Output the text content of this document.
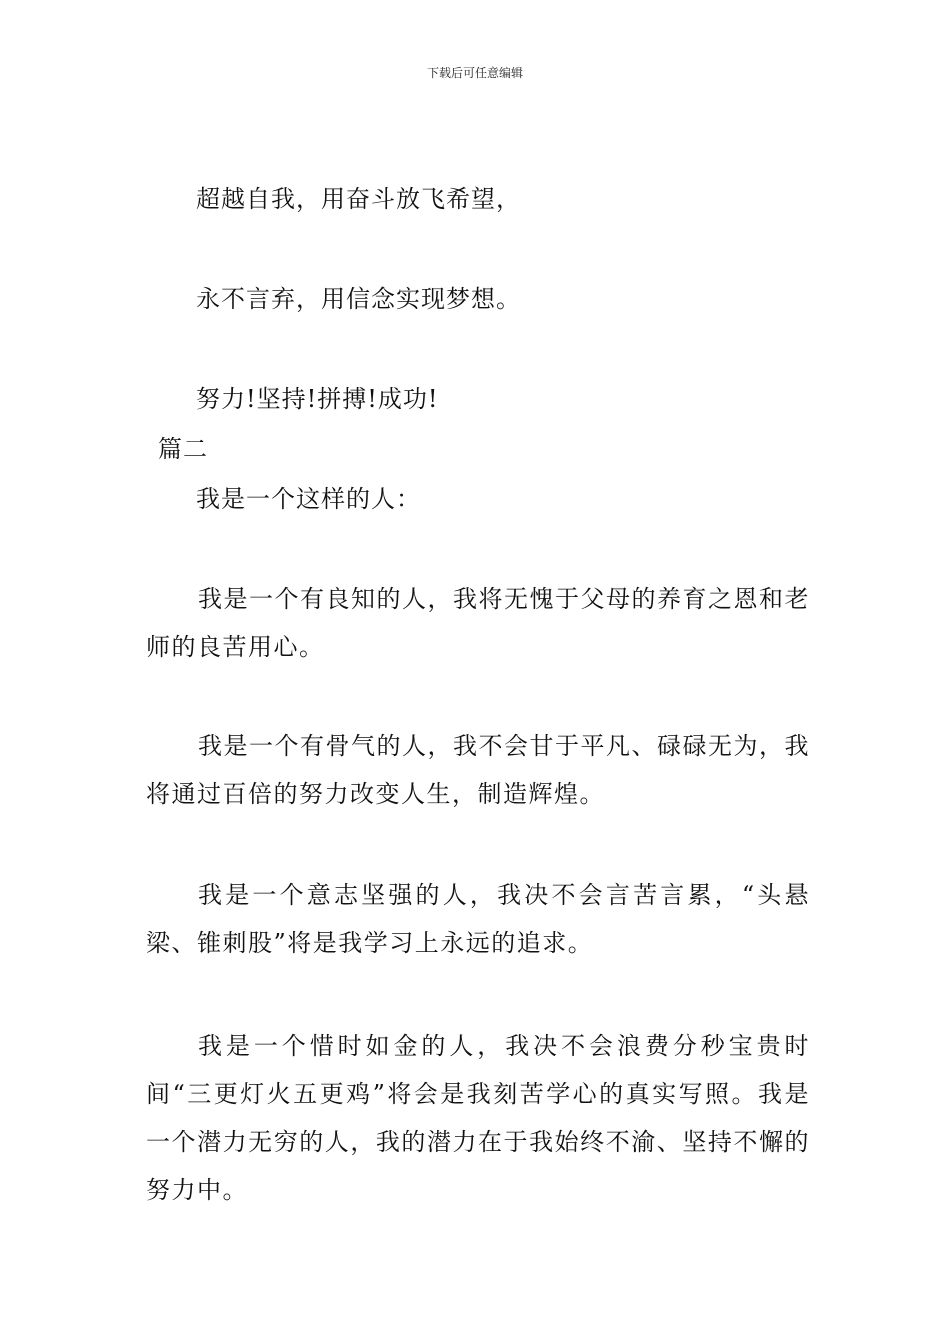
下载后可任意编辑
超越自我，用奋斗放飞希望，
永不言弃，用信念实现梦想。
努力!坚持!拼搏!成功!
篇二
我是一个这样的人：
我是一个有良知的人，我将无愧于父母的养育之恩和老师的良苦用心。
我是一个有骨气的人，我不会甘于平凡、碌碌无为，我将通过百倍的努力改变人生，制造辉煌。
我是一个意志坚强的人，我决不会言苦言累，“头悬梁、锥刺股”将是我学习上永远的追求。
我是一个惜时如金的人，我决不会浪费分秒宝贵时间“三更灯火五更鸡”将会是我刻苦学心的真实写照。我是一个潜力无穷的人，我的潜力在于我始终不渝、坚持不懈的努力中。
